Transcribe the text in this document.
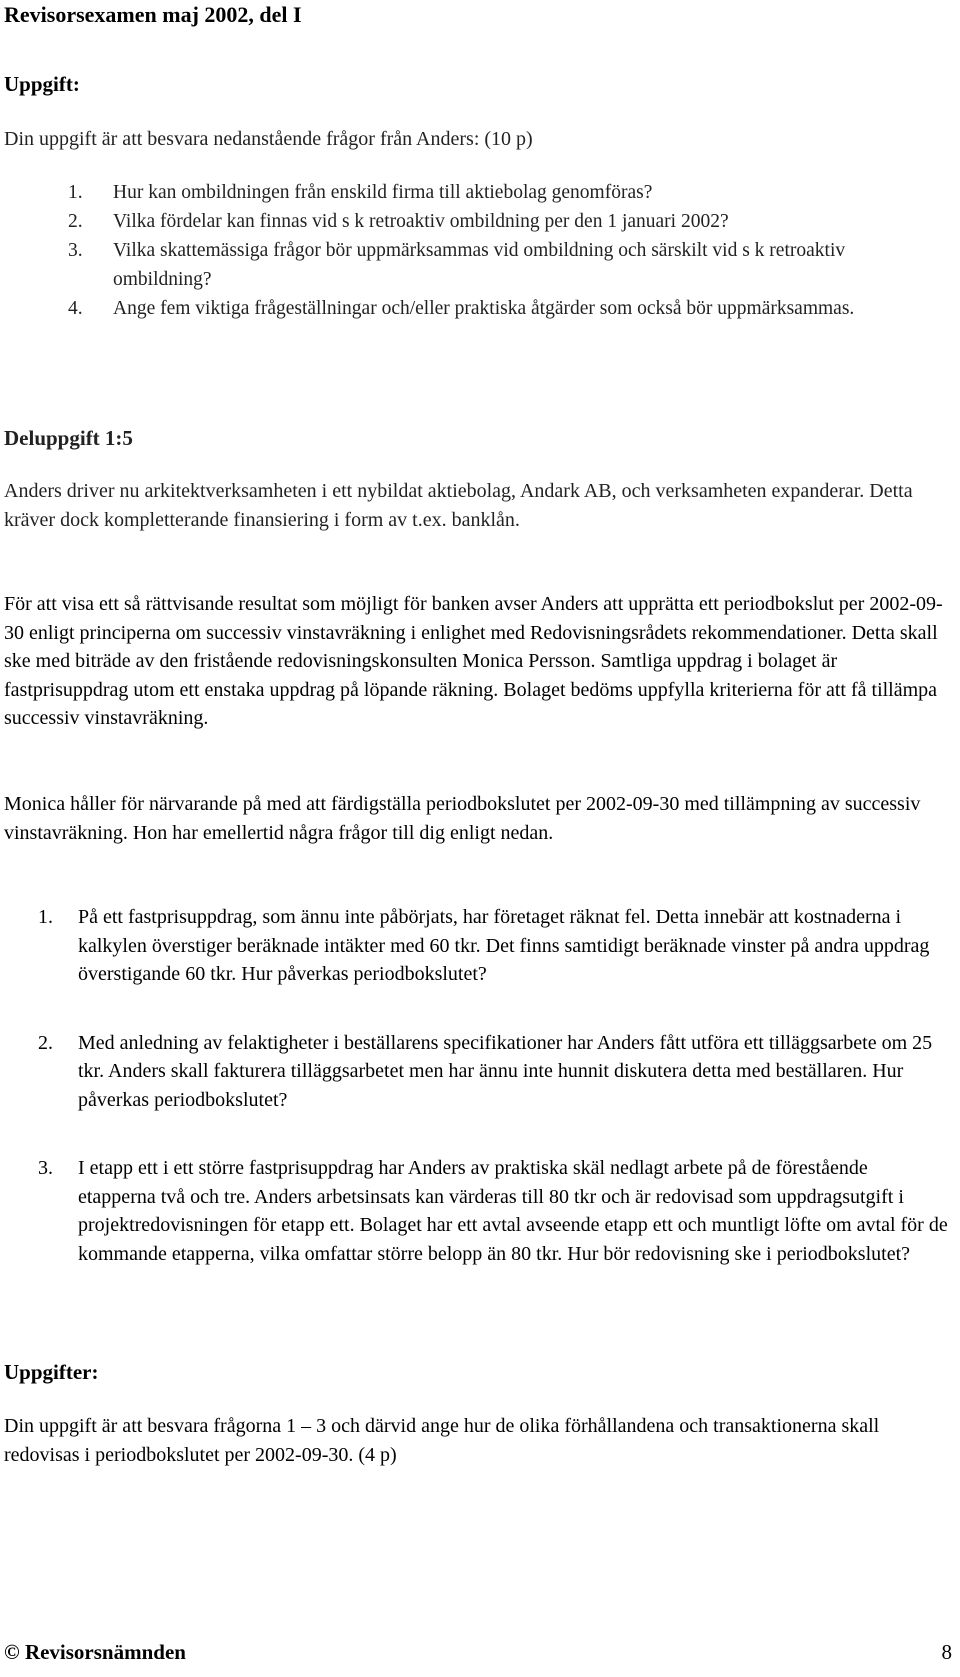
Revisorsexamen maj 2002, del I
Uppgift:

Din uppgift är att besvara nedanstående frågor från Anders: (10 p)

1. Hur kan ombildningen från enskild firma till aktiebolag genomföras?
2. Vilka fördelar kan finnas vid s k retroaktiv ombildning per den 1 januari 2002?
3. Vilka skattemässiga frågor bör uppmärksammas vid ombildning och särskilt vid s k retroaktiv ombildning?
4. Ange fem viktiga frågeställningar och/eller praktiska åtgärder som också bör uppmärksammas.
Deluppgift 1:5

Anders driver nu arkitektverksamheten i ett nybildat aktiebolag, Andark AB, och verksamheten expanderar. Detta kräver dock kompletterande finansiering i form av t.ex. banklån.

För att visa ett så rättvisande resultat som möjligt för banken avser Anders att upprätta ett periodbokslut per 2002-09-30 enligt principerna om successiv vinstavräkning i enlighet med Redovisningsrådets rekommendationer. Detta skall ske med biträde av den fristående redovisningskonsulten Monica Persson. Samtliga uppdrag i bolaget är fastprisuppdrag utom ett enstaka uppdrag på löpande räkning. Bolaget bedöms uppfylla kriterierna för att få tillämpa successiv vinstavräkning.

Monica håller för närvarande på med att färdigställa periodbokslutet per 2002-09-30 med tillämpning av successiv vinstavräkning. Hon har emellertid några frågor till dig enligt nedan.

1. På ett fastprisuppdrag, som ännu inte påbörjats, har företaget räknat fel. Detta innebär att kostnaderna i kalkylen överstiger beräknade intäkter med 60 tkr. Det finns samtidigt beräknade vinster på andra uppdrag överstigande 60 tkr. Hur påverkas periodbokslutet?
2. Med anledning av felaktigheter i beställarens specifikationer har Anders fått utföra ett tilläggsarbete om 25 tkr. Anders skall fakturera tilläggsarbetet men har ännu inte hunnit diskutera detta med beställaren. Hur påverkas periodbokslutet?
3. I etapp ett i ett större fastprisuppdrag har Anders av praktiska skäl nedlagt arbete på de förestående etapperna två och tre. Anders arbetsinsats kan värderas till 80 tkr och är redovisad som uppdragsutgift i projektredovisningen för etapp ett. Bolaget har ett avtal avseende etapp ett och muntligt löfte om avtal för de kommande etapperna, vilka omfattar större belopp än 80 tkr. Hur bör redovisning ske i periodbokslutet?
Uppgifter:

Din uppgift är att besvara frågorna 1 – 3 och därvid ange hur de olika förhållandena och transaktionerna skall redovisas i periodbokslutet per 2002-09-30. (4 p)

© Revisorsnämnden	8
